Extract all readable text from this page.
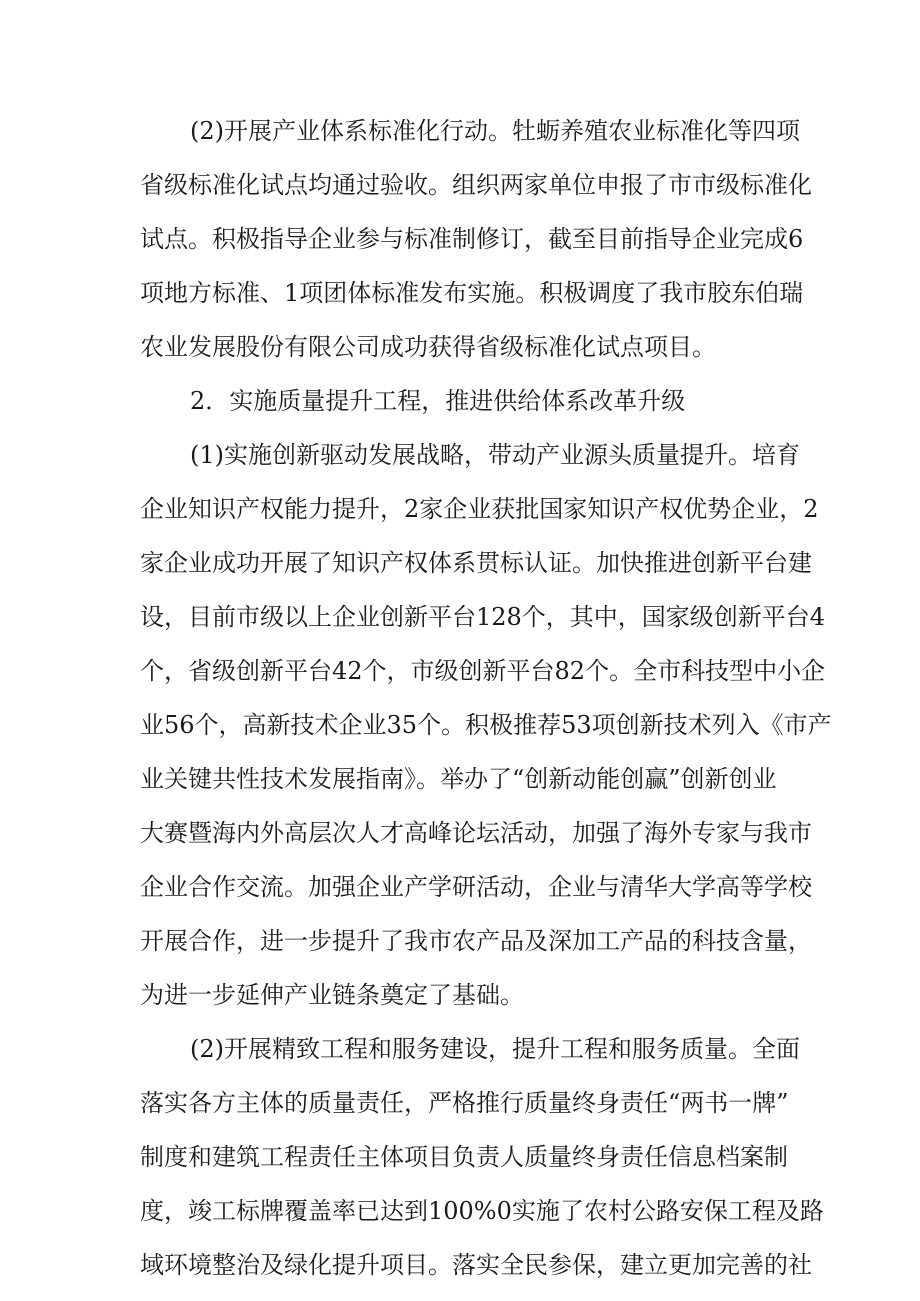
(2)开展产业体系标准化行动。牡蛎养殖农业标准化等四项
省级标准化试点均通过验收。组织两家单位申报了市市级标准化
试点。积极指导企业参与标准制修订，截至目前指导企业完成6
项地方标准、1项团体标准发布实施。积极调度了我市胶东伯瑞
农业发展股份有限公司成功获得省级标准化试点项目。
2．实施质量提升工程，推进供给体系改革升级
(1)实施创新驱动发展战略，带动产业源头质量提升。培育
企业知识产权能力提升，2家企业获批国家知识产权优势企业，2
家企业成功开展了知识产权体系贯标认证。加快推进创新平台建
设，目前市级以上企业创新平台128个，其中，国家级创新平台4
个，省级创新平台42个，市级创新平台82个。全市科技型中小企
业56个，高新技术企业35个。积极推荐53项创新技术列入《市产
业关键共性技术发展指南》。举办了“创新动能创赢”创新创业
大赛暨海内外高层次人才高峰论坛活动，加强了海外专家与我市
企业合作交流。加强企业产学研活动，企业与清华大学高等学校
开展合作，进一步提升了我市农产品及深加工产品的科技含量，
为进一步延伸产业链条奠定了基础。
(2)开展精致工程和服务建设，提升工程和服务质量。全面
落实各方主体的质量责任，严格推行质量终身责任“两书一牌”
制度和建筑工程责任主体项目负责人质量终身责任信息档案制
度，竣工标牌覆盖率已达到100%0实施了农村公路安保工程及路
域环境整治及绿化提升项目。落实全民参保，建立更加完善的社
